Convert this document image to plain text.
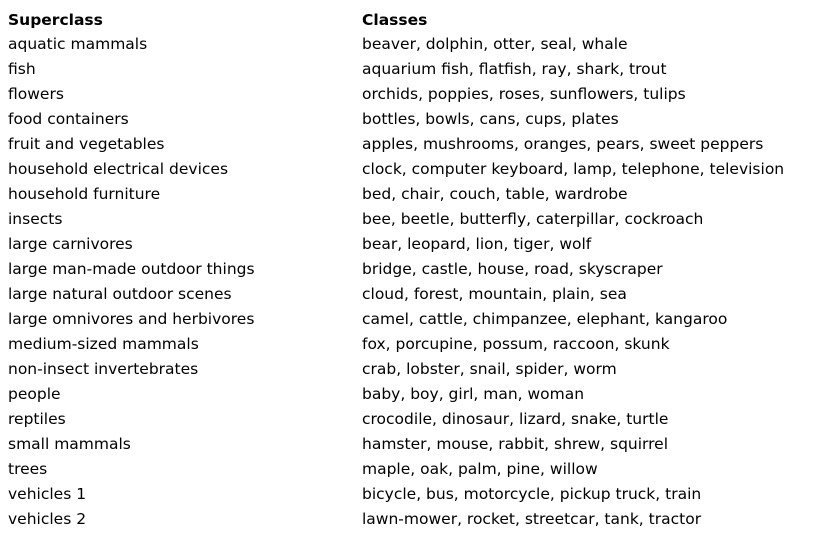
Superclass	Classes
aquatic mammals	beaver, dolphin, otter, seal, whale
fish	aquarium fish, flatfish, ray, shark, trout
flowers	orchids, poppies, roses, sunflowers, tulips
food containers	bottles, bowls, cans, cups, plates
fruit and vegetables	apples, mushrooms, oranges, pears, sweet peppers
household electrical devices	clock, computer keyboard, lamp, telephone, television
household furniture	bed, chair, couch, table, wardrobe
insects	bee, beetle, butterfly, caterpillar, cockroach
large carnivores	bear, leopard, lion, tiger, wolf
large man-made outdoor things	bridge, castle, house, road, skyscraper
large natural outdoor scenes	cloud, forest, mountain, plain, sea
large omnivores and herbivores	camel, cattle, chimpanzee, elephant, kangaroo
medium-sized mammals	fox, porcupine, possum, raccoon, skunk
non-insect invertebrates	crab, lobster, snail, spider, worm
people	baby, boy, girl, man, woman
reptiles	crocodile, dinosaur, lizard, snake, turtle
small mammals	hamster, mouse, rabbit, shrew, squirrel
trees	maple, oak, palm, pine, willow
vehicles 1	bicycle, bus, motorcycle, pickup truck, train
vehicles 2	lawn-mower, rocket, streetcar, tank, tractor
